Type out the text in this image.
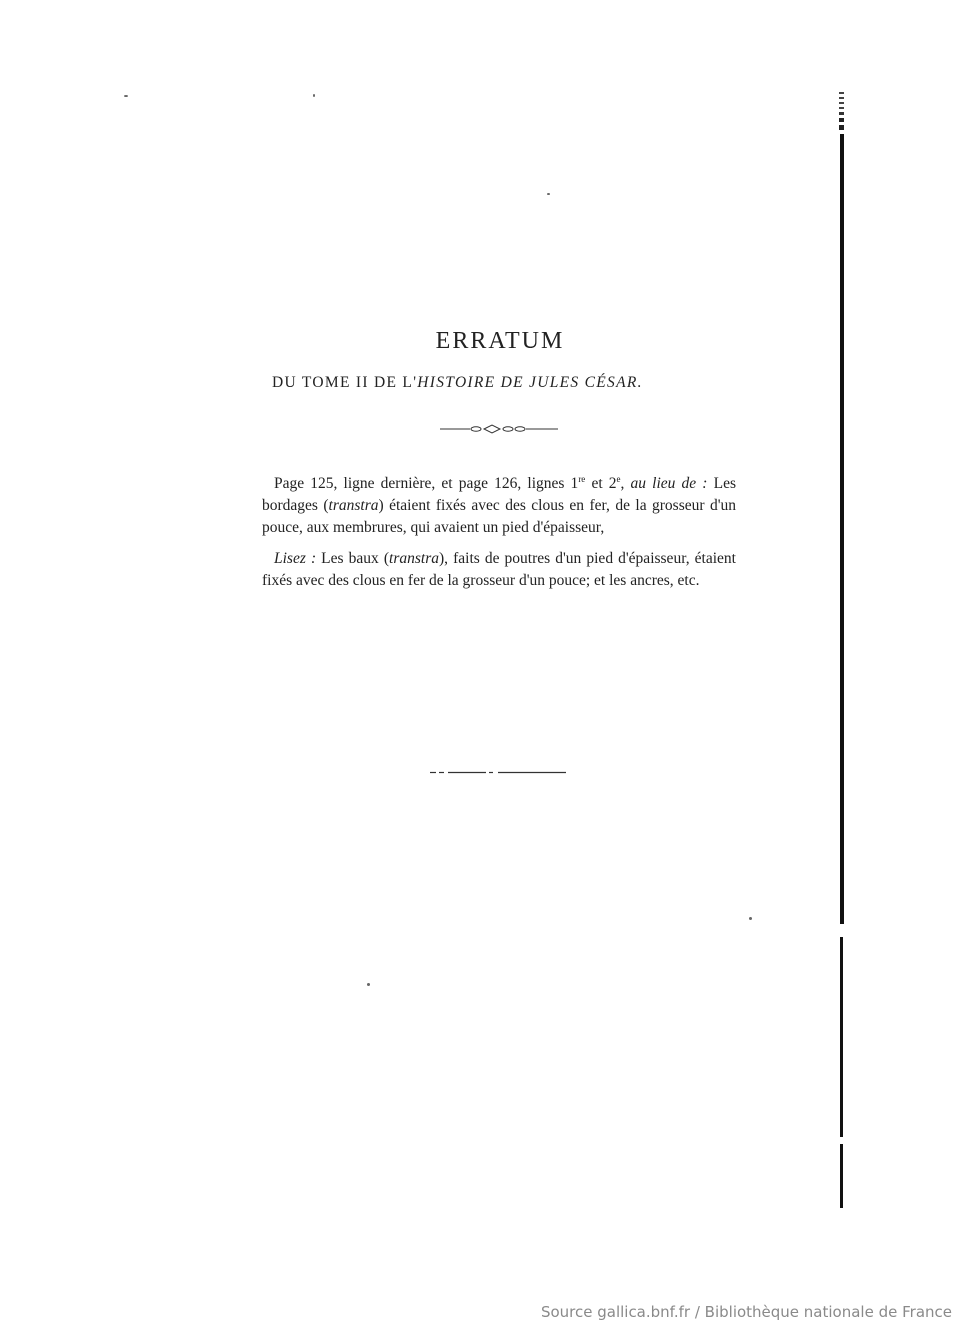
ERRATUM
DU TOME II DE L'HISTOIRE DE JULES CÉSAR.

Page 125, ligne dernière, et page 126, lignes 1re et 2e, au lieu de : Les bordages (transtra) étaient fixés avec des clous en fer, de la grosseur d'un pouce, aux membrures, qui avaient un pied d'épaisseur,

Lisez : Les baux (transtra), faits de poutres d'un pied d'épaisseur, étaient fixés avec des clous en fer de la grosseur d'un pouce; et les ancres, etc.

Source gallica.bnf.fr / Bibliothèque nationale de France
